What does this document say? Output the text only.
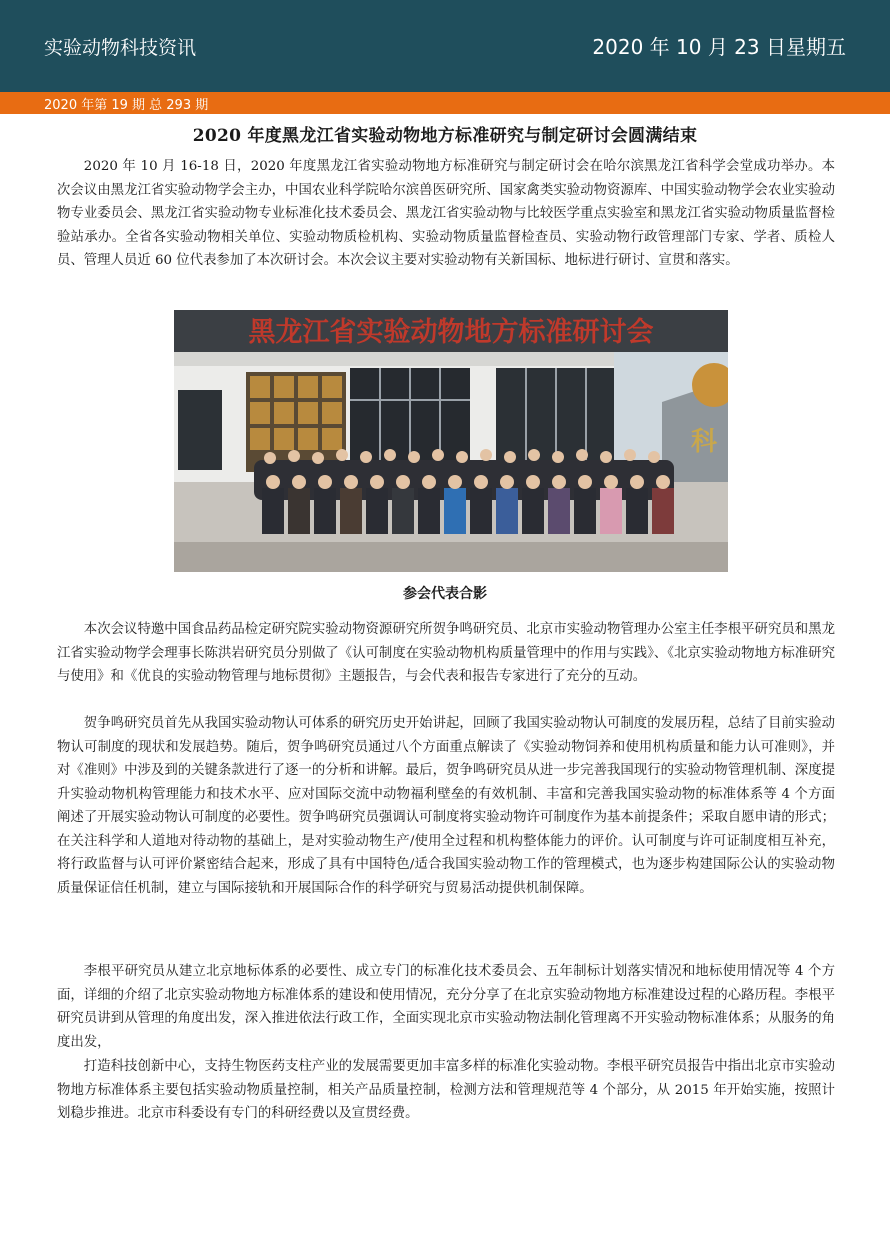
实验动物科技资讯	2020 年 10 月 23 日星期五
2020 年第 19 期 总 293 期
2020 年度黑龙江省实验动物地方标准研究与制定研讨会圆满结束

2020 年 10 月 16-18 日，2020 年度黑龙江省实验动物地方标准研究与制定研讨会在哈尔滨黑龙江省科学会堂成功举办。本次会议由黑龙江省实验动物学会主办，中国农业科学院哈尔滨兽医研究所、国家禽类实验动物资源库、中国实验动物学会农业实验动物专业委员会、黑龙江省实验动物专业标准化技术委员会、黑龙江省实验动物与比较医学重点实验室和黑龙江省实验动物质量监督检验站承办。全省各实验动物相关单位、实验动物质检机构、实验动物质量监督检查员、实验动物行政管理部门专家、学者、质检人员、管理人员近 60 位代表参加了本次研讨会。本次会议主要对实验动物有关新国标、地标进行研讨、宣贯和落实。

黑龙江省实验动物地方标准研讨会
科
参会代表合影

本次会议特邀中国食品药品检定研究院实验动物资源研究所贺争鸣研究员、北京市实验动物管理办公室主任李根平研究员和黑龙江省实验动物学会理事长陈洪岩研究员分别做了《认可制度在实验动物机构质量管理中的作用与实践》、《北京实验动物地方标准研究与使用》和《优良的实验动物管理与地标贯彻》主题报告，与会代表和报告专家进行了充分的互动。

贺争鸣研究员首先从我国实验动物认可体系的研究历史开始讲起，回顾了我国实验动物认可制度的发展历程，总结了目前实验动物认可制度的现状和发展趋势。随后，贺争鸣研究员通过八个方面重点解读了《实验动物饲养和使用机构质量和能力认可准则》，并对《准则》中涉及到的关键条款进行了逐一的分析和讲解。最后，贺争鸣研究员从进一步完善我国现行的实验动物管理机制、深度提升实验动物机构管理能力和技术水平、应对国际交流中动物福利壁垒的有效机制、丰富和完善我国实验动物的标准体系等 4 个方面阐述了开展实验动物认可制度的必要性。贺争鸣研究员强调认可制度将实验动物许可制度作为基本前提条件；采取自愿申请的形式；在关注科学和人道地对待动物的基础上，是对实验动物生产/使用全过程和机构整体能力的评价。认可制度与许可证制度相互补充，将行政监督与认可评价紧密结合起来，形成了具有中国特色/适合我国实验动物工作的管理模式，也为逐步构建国际公认的实验动物质量保证信任机制，建立与国际接轨和开展国际合作的科学研究与贸易活动提供机制保障。

李根平研究员从建立北京地标体系的必要性、成立专门的标准化技术委员会、五年制标计划落实情况和地标使用情况等 4 个方面，详细的介绍了北京实验动物地方标准体系的建设和使用情况，充分分享了在北京实验动物地方标准建设过程的心路历程。李根平研究员讲到从管理的角度出发，深入推进依法行政工作，全面实现北京市实验动物法制化管理离不开实验动物标准体系；从服务的角度出发，

打造科技创新中心，支持生物医药支柱产业的发展需要更加丰富多样的标准化实验动物。李根平研究员报告中指出北京市实验动物地方标准体系主要包括实验动物质量控制，相关产品质量控制，检测方法和管理规范等 4 个部分，从 2015 年开始实施，按照计划稳步推进。北京市科委设有专门的科研经费以及宣贯经费。
